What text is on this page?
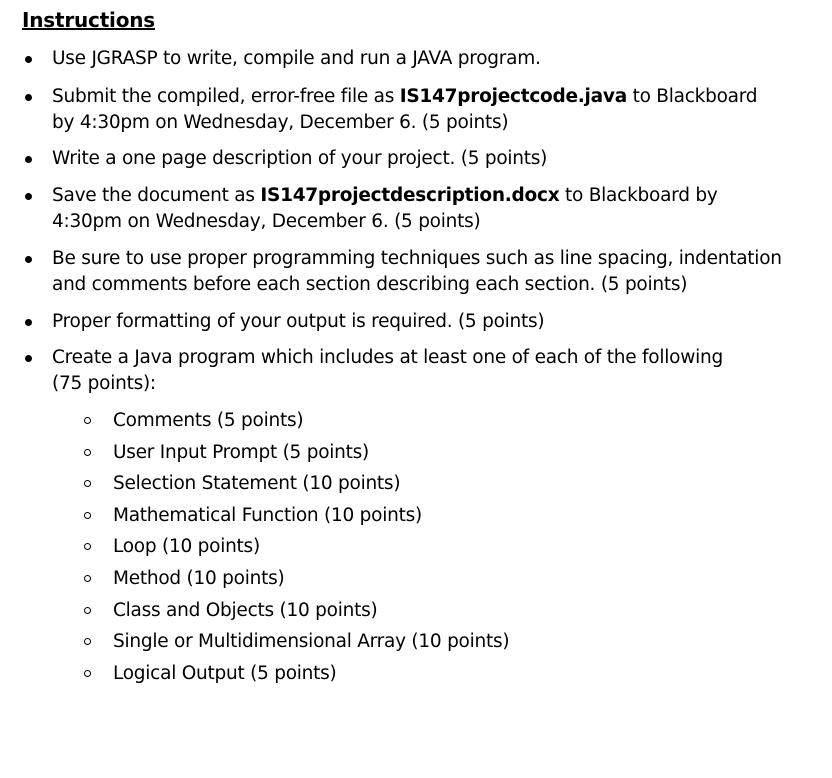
Instructions
Use JGRASP to write, compile and run a JAVA program.
Submit the compiled, error-free file as IS147projectcode.java to Blackboard by 4:30pm on Wednesday, December 6. (5 points)
Write a one page description of your project. (5 points)
Save the document as IS147projectdescription.docx to Blackboard by 4:30pm on Wednesday, December 6. (5 points)
Be sure to use proper programming techniques such as line spacing, indentation and comments before each section describing each section. (5 points)
Proper formatting of your output is required. (5 points)
Create a Java program which includes at least one of each of the following (75 points):
Comments (5 points)
User Input Prompt (5 points)
Selection Statement (10 points)
Mathematical Function (10 points)
Loop (10 points)
Method (10 points)
Class and Objects (10 points)
Single or Multidimensional Array (10 points)
Logical Output (5 points)
